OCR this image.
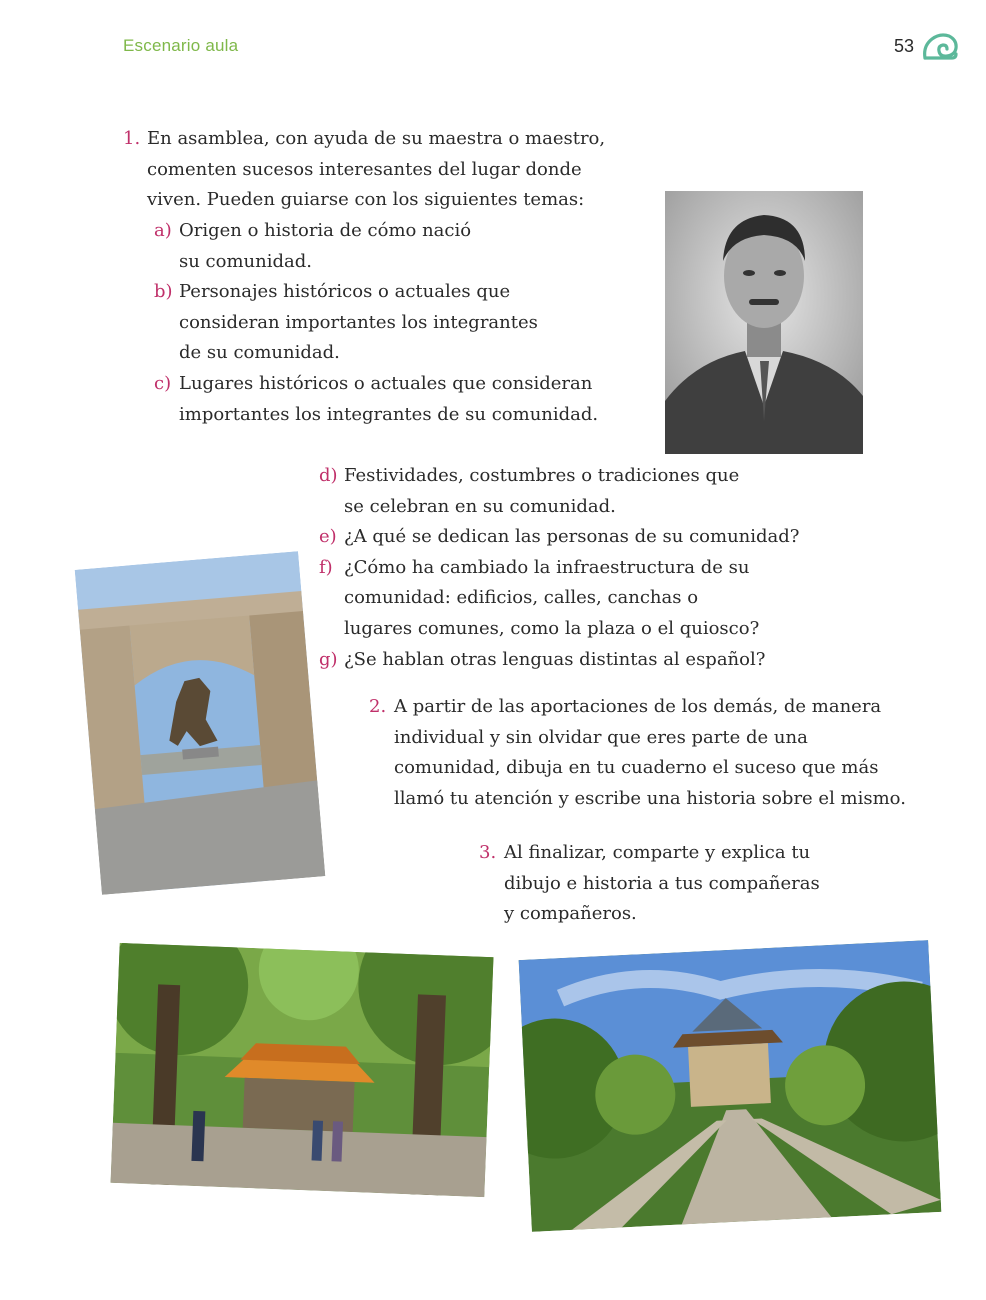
Escenario aula	53
1. En asamblea, con ayuda de su maestra o maestro,
comenten sucesos interesantes del lugar donde
viven. Pueden guiarse con los siguientes temas:
a) Origen o historia de cómo nació
su comunidad.
b) Personajes históricos o actuales que
consideran importantes los integrantes
de su comunidad.
c) Lugares históricos o actuales que consideran
importantes los integrantes de su comunidad.
d) Festividades, costumbres o tradiciones que
se celebran en su comunidad.
e) ¿A qué se dedican las personas de su comunidad?
f) ¿Cómo ha cambiado la infraestructura de su
comunidad: edificios, calles, canchas o
lugares comunes, como la plaza o el quiosco?
g) ¿Se hablan otras lenguas distintas al español?
2. A partir de las aportaciones de los demás, de manera
individual y sin olvidar que eres parte de una
comunidad, dibuja en tu cuaderno el suceso que más
llamó tu atención y escribe una historia sobre el mismo.
3. Al finalizar, comparte y explica tu
dibujo e historia a tus compañeras
y compañeros.
